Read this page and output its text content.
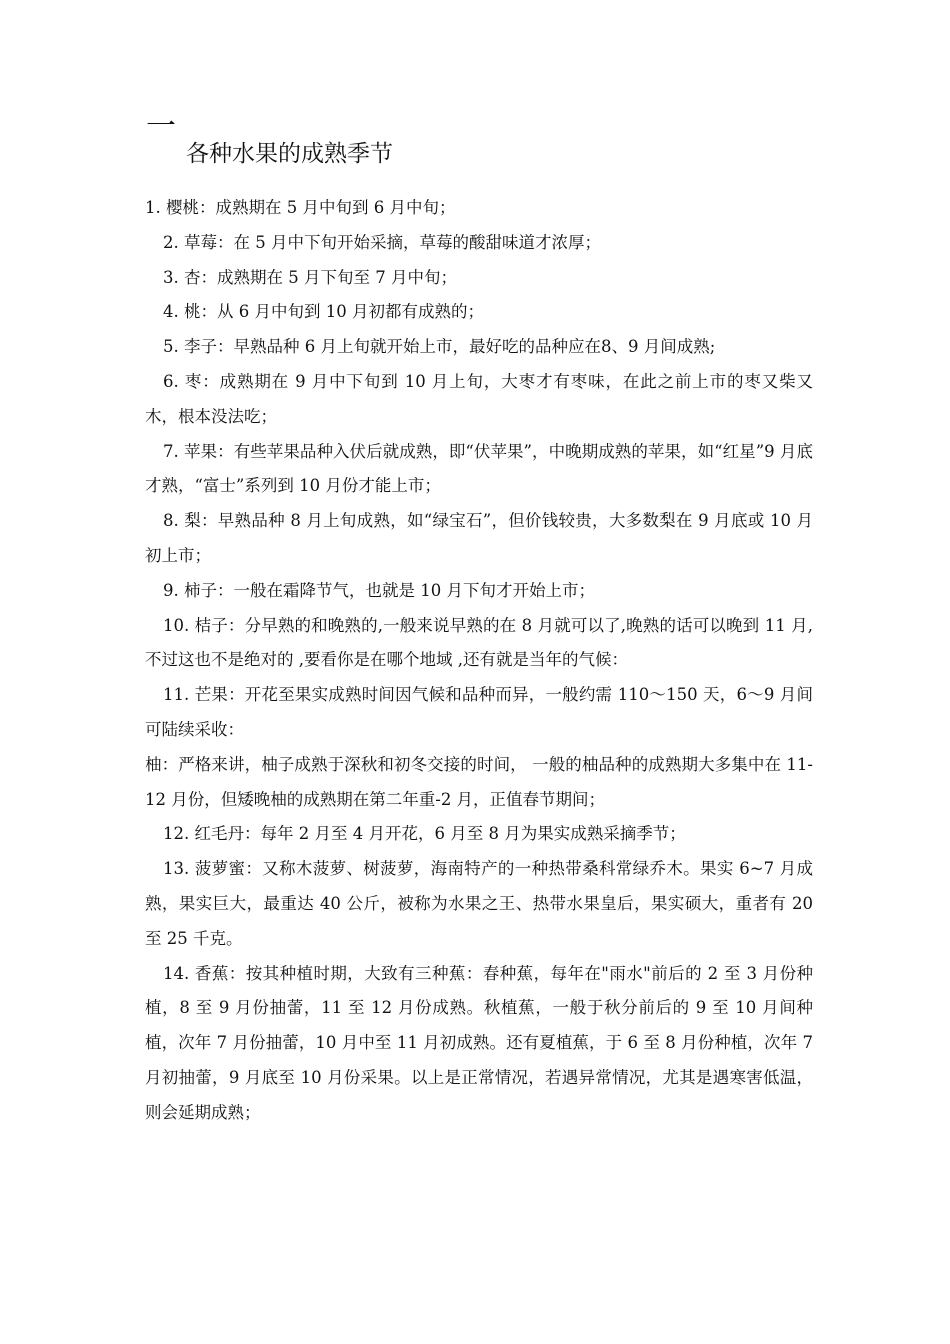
一
各种水果的成熟季节

1. 樱桃：成熟期在 5 月中旬到 6 月中旬；

2. 草莓：在 5 月中下旬开始采摘，草莓的酸甜味道才浓厚；

3. 杏：成熟期在 5 月下旬至 7 月中旬；

4. 桃：从 6 月中旬到 10 月初都有成熟的；

5. 李子：早熟品种 6 月上旬就开始上市，最好吃的品种应在8、9 月间成熟;

6. 枣：成熟期在 9 月中下旬到 10 月上旬，大枣才有枣味，在此之前上市的枣又柴又木，根本没法吃；

7. 苹果：有些苹果品种入伏后就成熟，即“伏苹果”，中晚期成熟的苹果，如“红星”9 月底才熟，“富士”系列到 10 月份才能上市；

8. 梨：早熟品种 8 月上旬成熟，如“绿宝石”，但价钱较贵，大多数梨在 9 月底或 10 月初上市；

9. 柿子：一般在霜降节气，也就是 10 月下旬才开始上市；

10. 桔子：分早熟的和晚熟的,一般来说早熟的在 8 月就可以了,晚熟的话可以晚到 11 月,不过这也不是绝对的 ,要看你是在哪个地域 ,还有就是当年的气候：

11. 芒果：开花至果实成熟时间因气候和品种而异，一般约需 110～150 天，6～9 月间可陆续采收：

柚：严格来讲，柚子成熟于深秋和初冬交接的时间， 一般的柚品种的成熟期大多集中在 11-12 月份，但矮晚柚的成熟期在第二年重-2 月，正值春节期间；

12. 红毛丹：每年 2 月至 4 月开花，6 月至 8 月为果实成熟采摘季节；

13. 菠萝蜜：又称木菠萝、树菠萝，海南特产的一种热带桑科常绿乔木。果实 6~7 月成熟，果实巨大，最重达 40 公斤，被称为水果之王、热带水果皇后，果实硕大，重者有 20 至 25 千克。

14. 香蕉：按其种植时期，大致有三种蕉：春种蕉，每年在"雨水"前后的 2 至 3 月份种植，8 至 9 月份抽蕾，11 至 12 月份成熟。秋植蕉，一般于秋分前后的 9 至 10 月间种植，次年 7 月份抽蕾，10 月中至 11 月初成熟。还有夏植蕉，于 6 至 8 月份种植，次年 7 月初抽蕾，9 月底至 10 月份采果。以上是正常情况，若遇异常情况，尤其是遇寒害低温，则会延期成熟；
